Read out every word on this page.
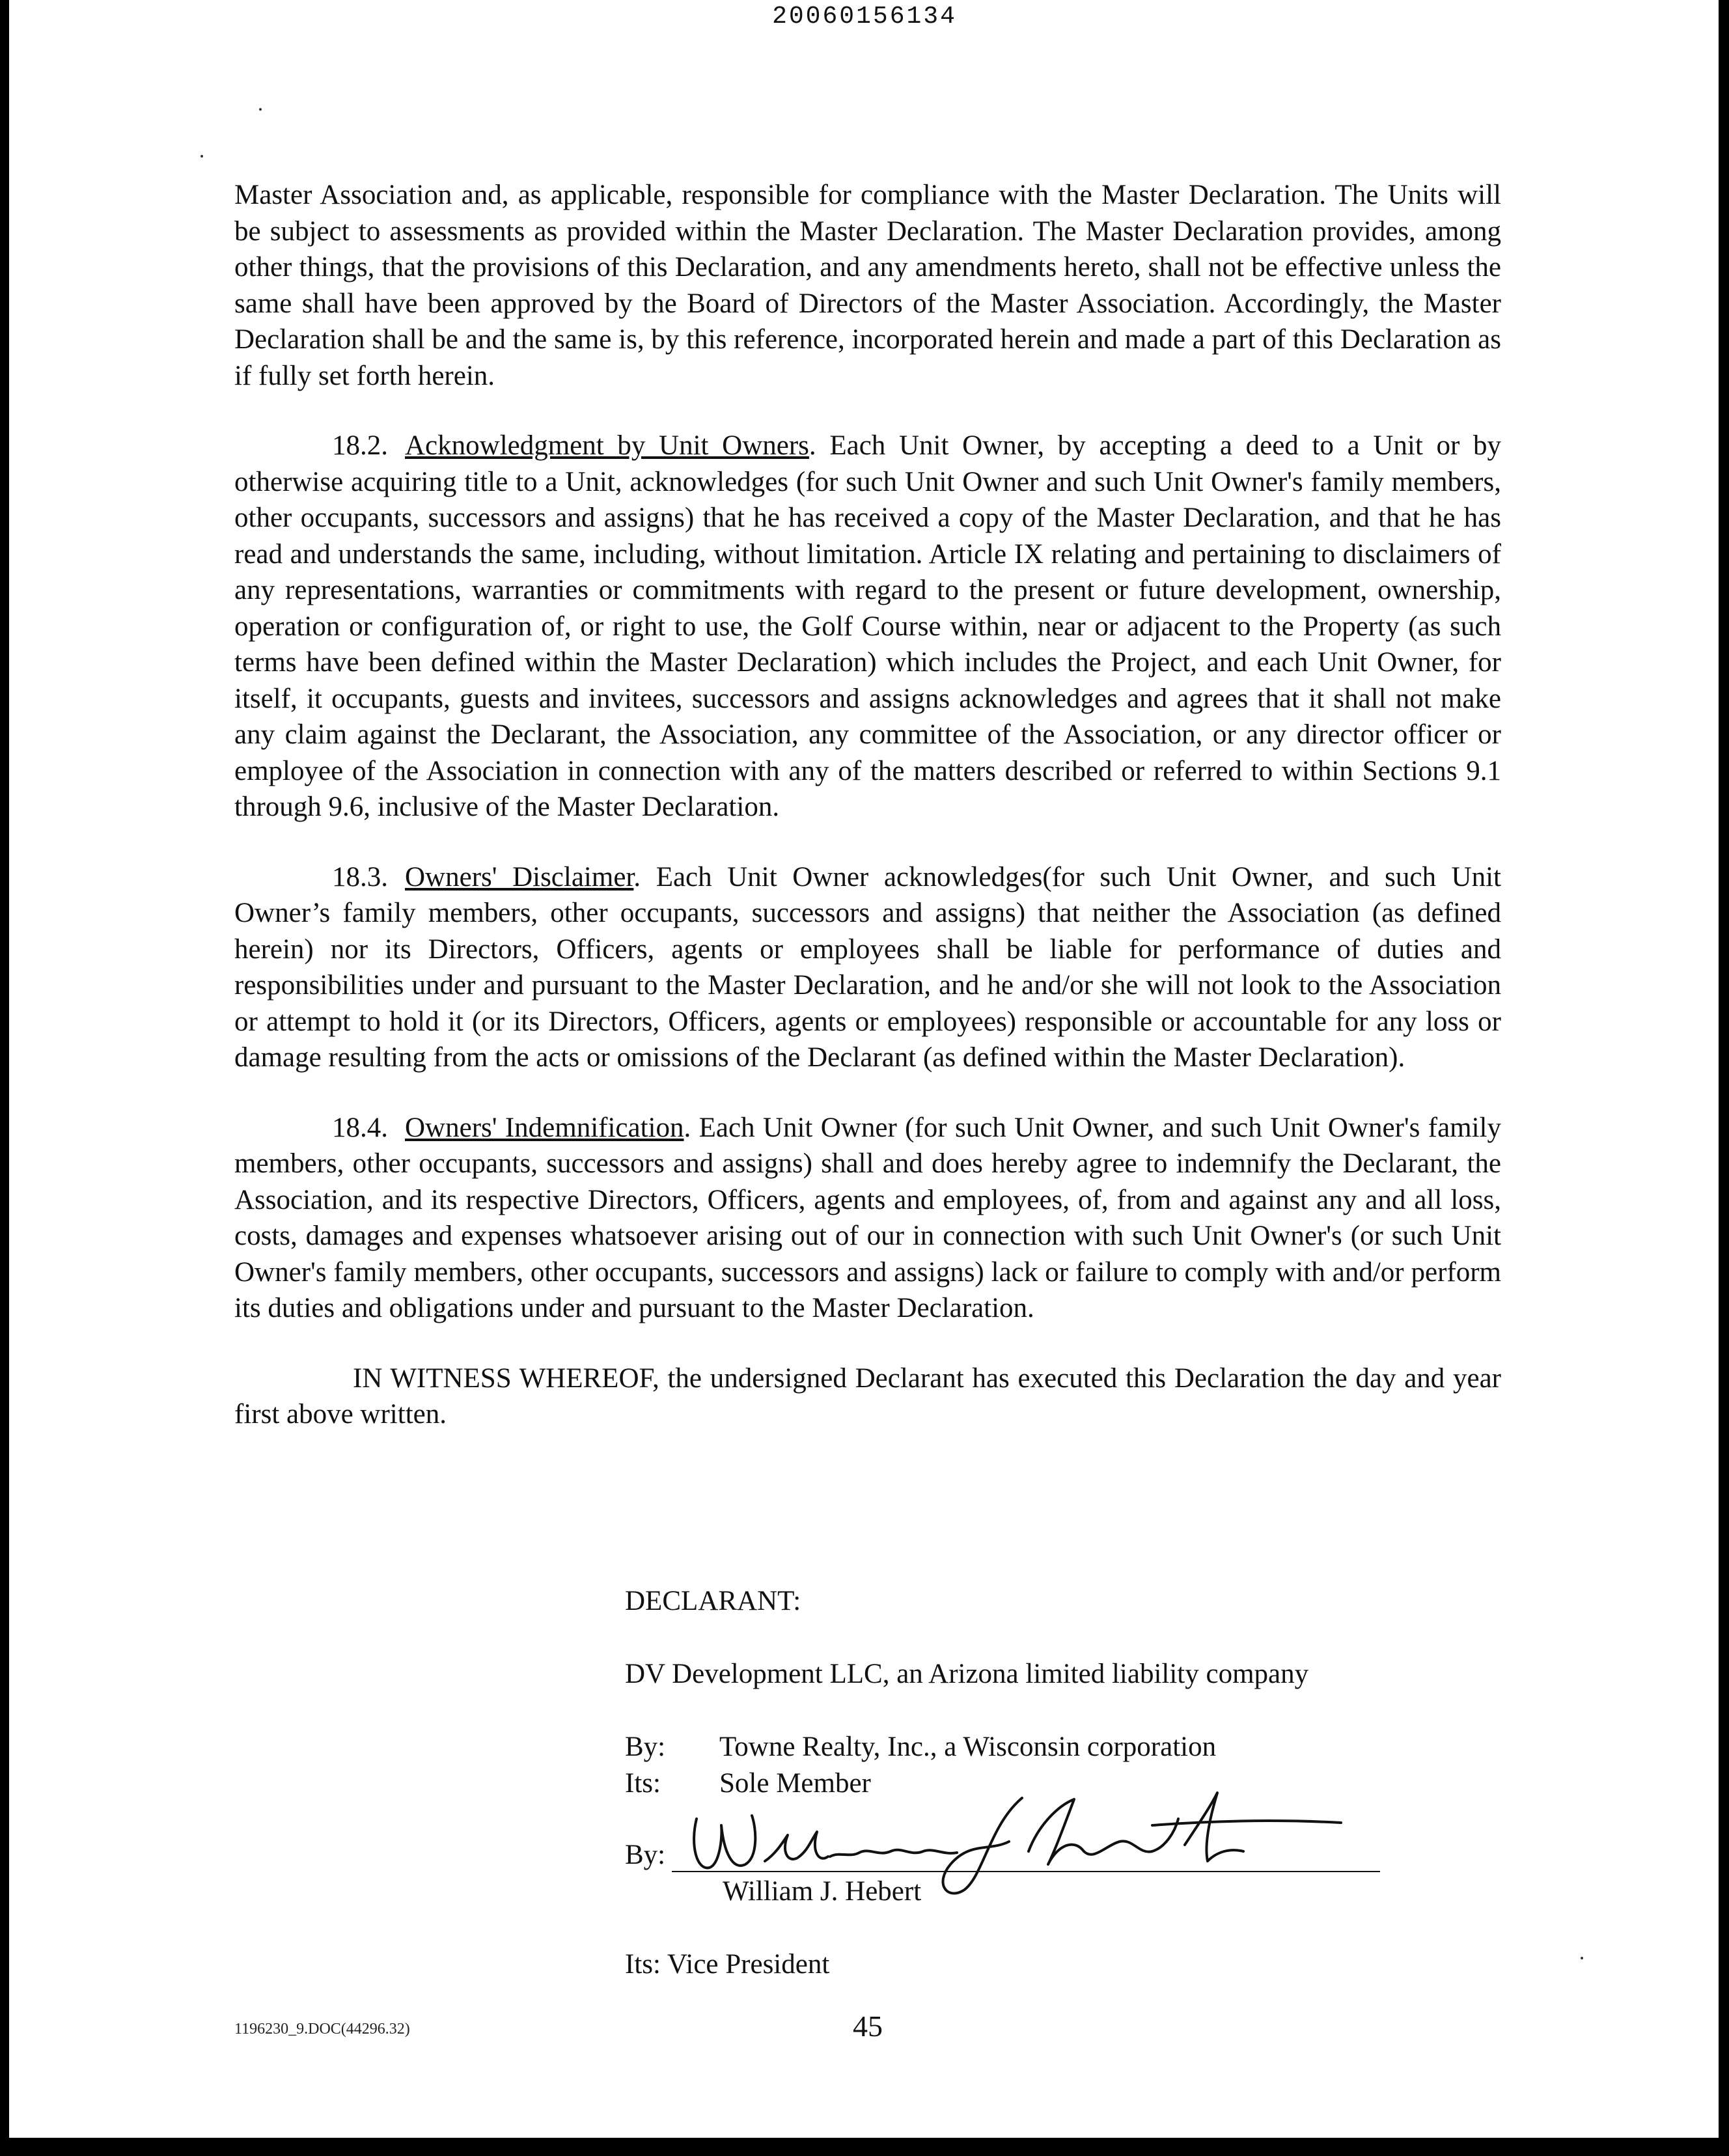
20060156134

Master Association and, as applicable, responsible for compliance with the Master Declaration. The Units will be subject to assessments as provided within the Master Declaration. The Master Declaration provides, among other things, that the provisions of this Declaration, and any amendments hereto, shall not be effective unless the same shall have been approved by the Board of Directors of the Master Association. Accordingly, the Master Declaration shall be and the same is, by this reference, incorporated herein and made a part of this Declaration as if fully set forth herein.

18.2. Acknowledgment by Unit Owners. Each Unit Owner, by accepting a deed to a Unit or by otherwise acquiring title to a Unit, acknowledges (for such Unit Owner and such Unit Owner's family members, other occupants, successors and assigns) that he has received a copy of the Master Declaration, and that he has read and understands the same, including, without limitation. Article IX relating and pertaining to disclaimers of any representations, warranties or commitments with regard to the present or future development, ownership, operation or configuration of, or right to use, the Golf Course within, near or adjacent to the Property (as such terms have been defined within the Master Declaration) which includes the Project, and each Unit Owner, for itself, it occupants, guests and invitees, successors and assigns acknowledges and agrees that it shall not make any claim against the Declarant, the Association, any committee of the Association, or any director officer or employee of the Association in connection with any of the matters described or referred to within Sections 9.1 through 9.6, inclusive of the Master Declaration.

18.3. Owners' Disclaimer. Each Unit Owner acknowledges(for such Unit Owner, and such Unit Owner’s family members, other occupants, successors and assigns) that neither the Association (as defined herein) nor its Directors, Officers, agents or employees shall be liable for performance of duties and responsibilities under and pursuant to the Master Declaration, and he and/or she will not look to the Association or attempt to hold it (or its Directors, Officers, agents or employees) responsible or accountable for any loss or damage resulting from the acts or omissions of the Declarant (as defined within the Master Declaration).

18.4. Owners' Indemnification. Each Unit Owner (for such Unit Owner, and such Unit Owner's family members, other occupants, successors and assigns) shall and does hereby agree to indemnify the Declarant, the Association, and its respective Directors, Officers, agents and employees, of, from and against any and all loss, costs, damages and expenses whatsoever arising out of our in connection with such Unit Owner's (or such Unit Owner's family members, other occupants, successors and assigns) lack or failure to comply with and/or perform its duties and obligations under and pursuant to the Master Declaration.

IN WITNESS WHEREOF, the undersigned Declarant has executed this Declaration the day and year first above written.

DECLARANT:
DV Development LLC, an Arizona limited liability company
By:	Towne Realty, Inc., a Wisconsin corporation
Its:	Sole Member
By:
William J. Hebert
Its: Vice President
1196230_9.DOC(44296.32)	45
